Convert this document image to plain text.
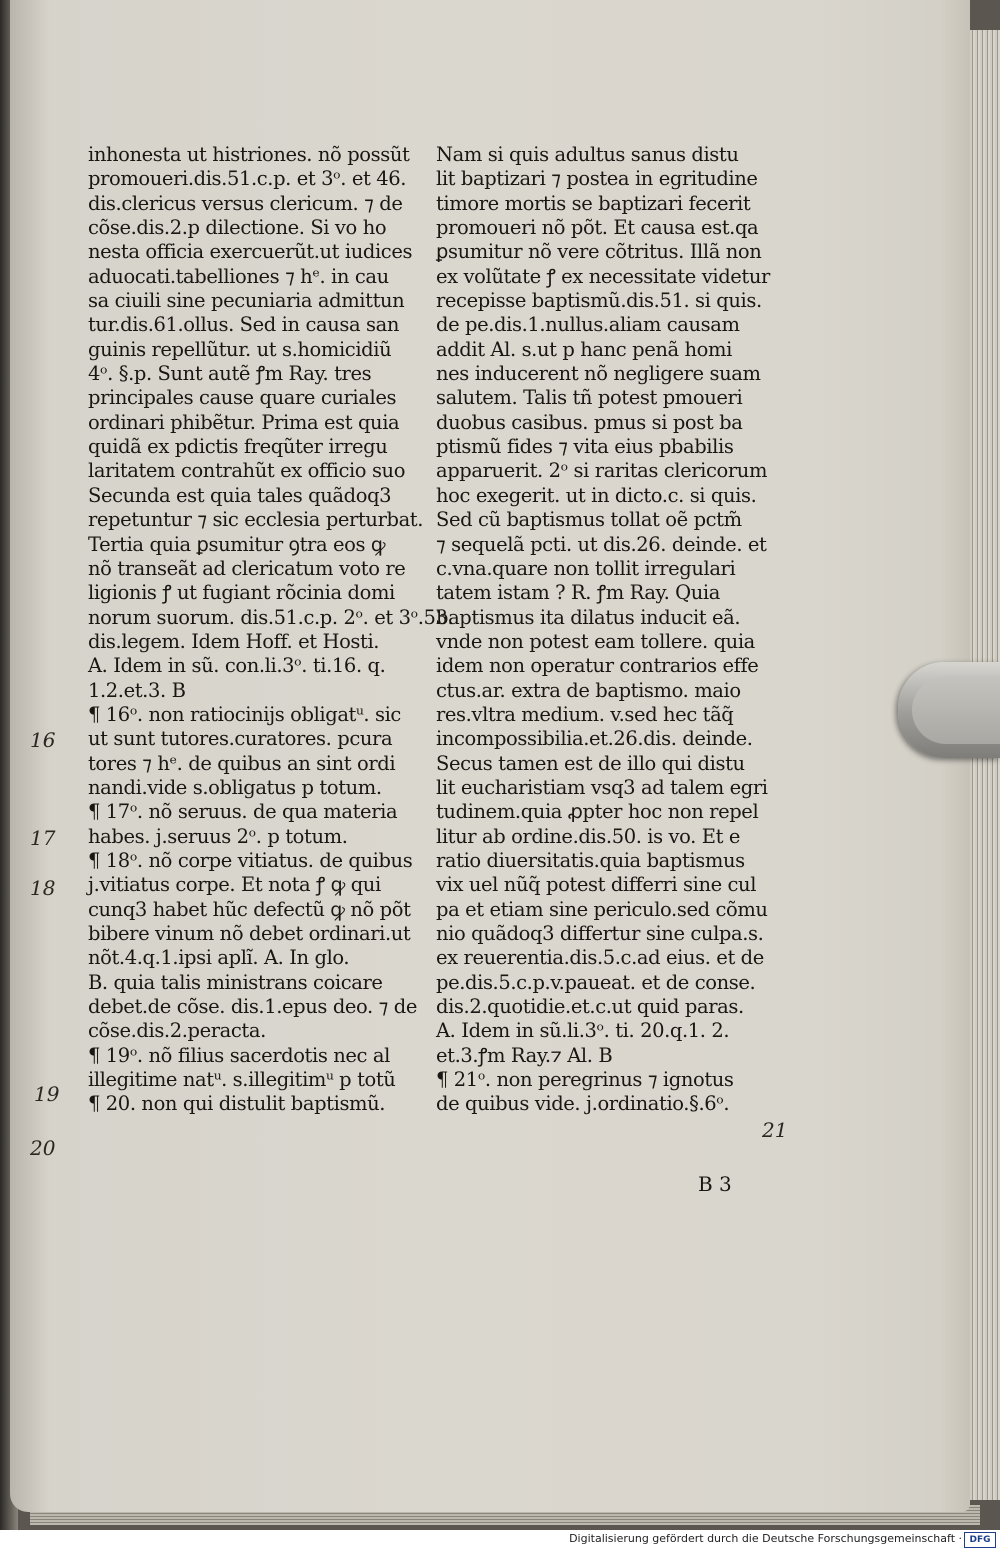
inhonesta ut histriones. nõ possũt
promoueri.dis.51.c.p. et 3ᵒ. et 46.
dis.clericus versus clericum. ⁊ de
cõse.dis.2.p dilectione. Si vo ho
nesta officia exercuerũt.ut iudices
aduocati.tabelliones ⁊ hᵉ. in cau
sa ciuili sine pecuniaria admittun
tur.dis.61.ollus. Sed in causa san
guinis repellũtur. ut s.homicidiũ
4ᵒ. §.p. Sunt autẽ ꝭm Ray. tres
principales cause quare curiales
ordinari phibẽtur. Prima est quia
quidã ex pdictis freqũter irregu
laritatem contrahũt ex officio suo
Secunda est quia tales quãdoq3
repetuntur ⁊ sic ecclesia perturbat.
Tertia quia ꝑsumitur ꝯtra eos ꝙ
nõ transeãt ad clericatum voto re
ligionis ꝭ ut fugiant rõcinia domi
norum suorum. dis.51.c.p. 2ᵒ. et 3ᵒ.53.
dis.legem. Idem Hoff. et Hosti.
A. Idem in sũ. con.li.3ᵒ. ti.16. q.
1.2.et.3. B
¶ 16ᵒ. non ratiocinijs obligatᵘ. sic
ut sunt tutores.curatores. pcura
tores ⁊ hᵉ. de quibus an sint ordi
nandi.vide s.obligatus p totum.
¶ 17ᵒ. nõ seruus. de qua materia
habes. j.seruus 2ᵒ. p totum.
¶ 18ᵒ. nõ corpe vitiatus. de quibus
j.vitiatus corpe. Et nota ꝭ ꝙ qui
cunq3 habet hũc defectũ ꝙ nõ põt
bibere vinum nõ debet ordinari.ut
nõt.4.q.1.ipsi aplĩ. A. In glo.
B. quia talis ministrans coicare
debet.de cõse. dis.1.epus deo. ⁊ de
cõse.dis.2.peracta.
¶ 19ᵒ. nõ filius sacerdotis nec al
illegitime natᵘ. s.illegitimᵘ p totũ
¶ 20. non qui distulit baptismũ.
Nam si quis adultus sanus distu
lit baptizari ⁊ postea in egritudine
timore mortis se baptizari fecerit
promoueri nõ põt. Et causa est.qa
ꝑsumitur nõ vere cõtritus. Illã non
ex volũtate ꝭ ex necessitate videtur
recepisse baptismũ.dis.51. si quis.
de pe.dis.1.nullus.aliam causam
addit Al. s.ut p hanc penã homi
nes inducerent nõ negligere suam
salutem. Talis tñ potest pmoueri
duobus casibus. pmus si post ba
ptismũ fides ⁊ vita eius pbabilis
apparuerit. 2ᵒ si raritas clericorum
hoc exegerit. ut in dicto.c. si quis.
Sed cũ baptismus tollat oẽ pctm̃
⁊ sequelã pcti. ut dis.26. deinde. et
c.vna.quare non tollit irregulari
tatem istam ? R. ꝭm Ray. Quia
baptismus ita dilatus inducit eã.
vnde non potest eam tollere. quia
idem non operatur contrarios effe
ctus.ar. extra de baptismo. maio
res.vltra medium. v.sed hec tãq̃
incompossibilia.et.26.dis. deinde.
Secus tamen est de illo qui distu
lit eucharistiam vsq3 ad talem egri
tudinem.quia ꝓpter hoc non repel
litur ab ordine.dis.50. is vo. Et e
ratio diuersitatis.quia baptismus
vix uel nũq̃ potest differri sine cul
pa et etiam sine periculo.sed cõmu
nio quãdoq3 differtur sine culpa.s.
ex reuerentia.dis.5.c.ad eius. et de
pe.dis.5.c.p.v.paueat. et de conse.
dis.2.quotidie.et.c.ut quid paras.
A. Idem in sũ.li.3ᵒ. ti. 20.q.1. 2.
et.3.ꝭm Ray.⁊ Al. B
¶ 21ᵒ. non peregrinus ⁊ ignotus
de quibus vide. j.ordinatio.§.6ᵒ.
16
17
18
19
20
21
B 3
Digitalisierung gefördert durch die Deutsche Forschungsgemeinschaft · DFG
